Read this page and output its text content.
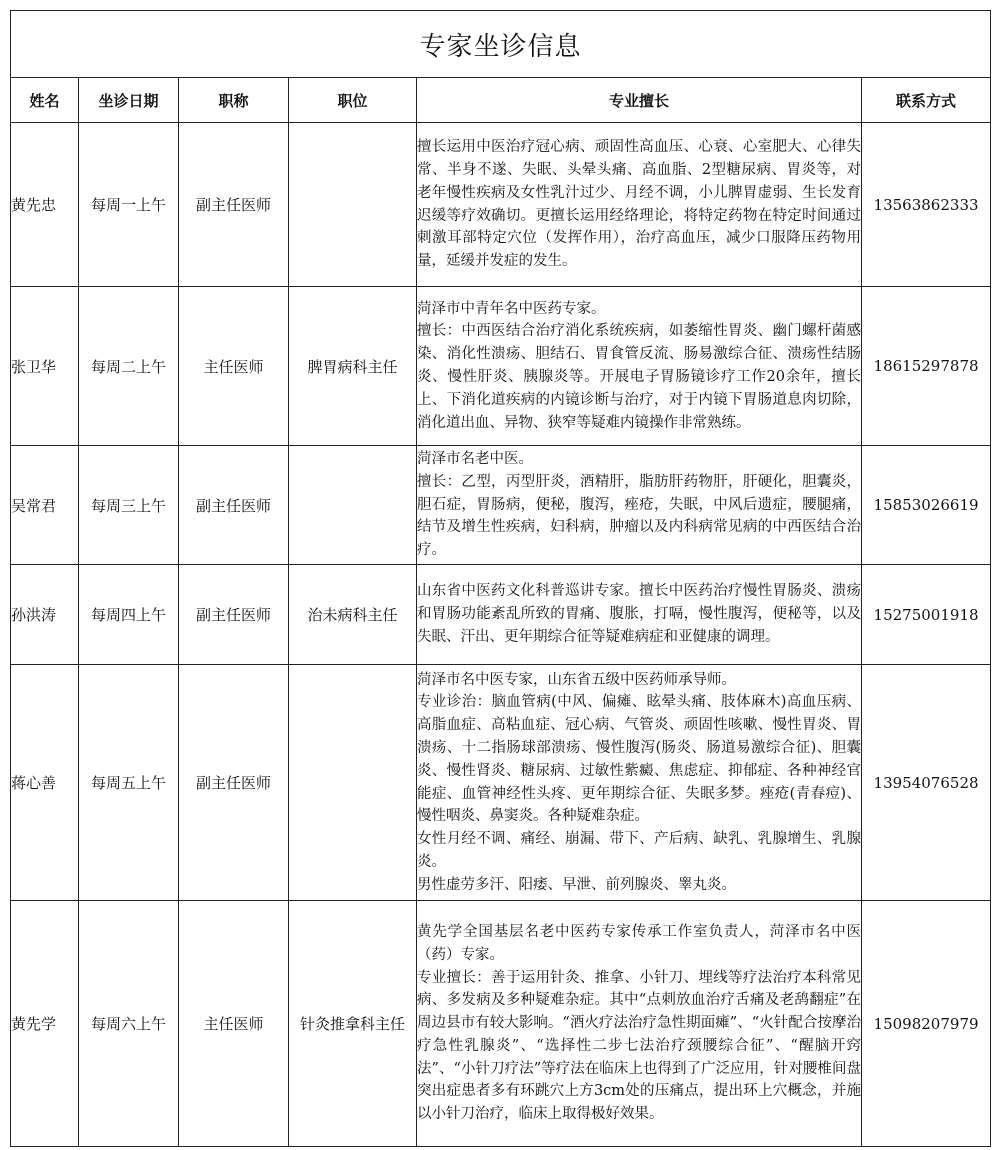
专家坐诊信息					
姓名	坐诊日期	职称	职位	专业擅长	联系方式
黄先忠	每周一上午	副主任医师		擅长运用中医治疗冠心病、顽固性高血压、心衰、心室肥大、心律失常、半身不遂、失眠、头晕头痛、高血脂、2型糖尿病、胃炎等，对老年慢性疾病及女性乳汁过少、月经不调，小儿脾胃虚弱、生长发育迟缓等疗效确切。更擅长运用经络理论，将特定药物在特定时间通过刺激耳部特定穴位（发挥作用），治疗高血压，减少口服降压药物用量，延缓并发症的发生。	13563862333
张卫华	每周二上午	主任医师	脾胃病科主任	菏泽市中青年名中医药专家。
擅长：中西医结合治疗消化系统疾病，如萎缩性胃炎、幽门螺杆菌感染、消化性溃疡、胆结石、胃食管反流、肠易激综合征、溃疡性结肠炎、慢性肝炎、胰腺炎等。开展电子胃肠镜诊疗工作20余年，擅长上、下消化道疾病的内镜诊断与治疗，对于内镜下胃肠道息肉切除，消化道出血、异物、狭窄等疑难内镜操作非常熟练。	18615297878
吴常君	每周三上午	副主任医师		菏泽市名老中医。
擅长：乙型，丙型肝炎，酒精肝，脂肪肝药物肝，肝硬化，胆囊炎，胆石症，胃肠病，便秘，腹泻，痤疮，失眠，中风后遗症，腰腿痛，结节及增生性疾病，妇科病，肿瘤以及内科病常见病的中西医结合治疗。	15853026619
孙洪涛	每周四上午	副主任医师	治未病科主任	山东省中医药文化科普巡讲专家。擅长中医药治疗慢性胃肠炎、溃疡和胃肠功能紊乱所致的胃痛、腹胀，打嗝，慢性腹泻，便秘等，以及失眠、汗出、更年期综合征等疑难病症和亚健康的调理。	15275001918
蒋心善	每周五上午	副主任医师		菏泽市名中医专家，山东省五级中医药师承导师。
专业诊治：脑血管病(中风、偏瘫、眩晕头痛、肢体麻木)高血压病、高脂血症、高粘血症、冠心病、气管炎、顽固性咳嗽、慢性胃炎、胃溃疡、十二指肠球部溃疡、慢性腹泻(肠炎、肠道易激综合征)、胆囊炎、慢性肾炎、糖尿病、过敏性紫癜、焦虑症、抑郁症、各种神经官能症、血管神经性头疼、更年期综合征、失眠多梦。痤疮(青春痘)、慢性咽炎、鼻窦炎。各种疑难杂症。
女性月经不调、痛经、崩漏、带下、产后病、缺乳、乳腺增生、乳腺炎。
男性虚劳多汗、阳痿、早泄、前列腺炎、睾丸炎。	13954076528
黄先学	每周六上午	主任医师	针灸推拿科主任	黄先学全国基层名老中医药专家传承工作室负责人，菏泽市名中医（药）专家。
专业擅长：善于运用针灸、推拿、小针刀、埋线等疗法治疗本科常见病、多发病及多种疑难杂症。其中“点刺放血治疗舌痛及老鸹翻症”在周边县市有较大影响。“酒火疗法治疗急性期面瘫”、“火针配合按摩治疗急性乳腺炎”、“选择性二步七法治疗颈腰综合征”、“醒脑开窍法”、“小针刀疗法”等疗法在临床上也得到了广泛应用，针对腰椎间盘突出症患者多有环跳穴上方3cm处的压痛点，提出环上穴概念，并施以小针刀治疗，临床上取得极好效果。	15098207979
